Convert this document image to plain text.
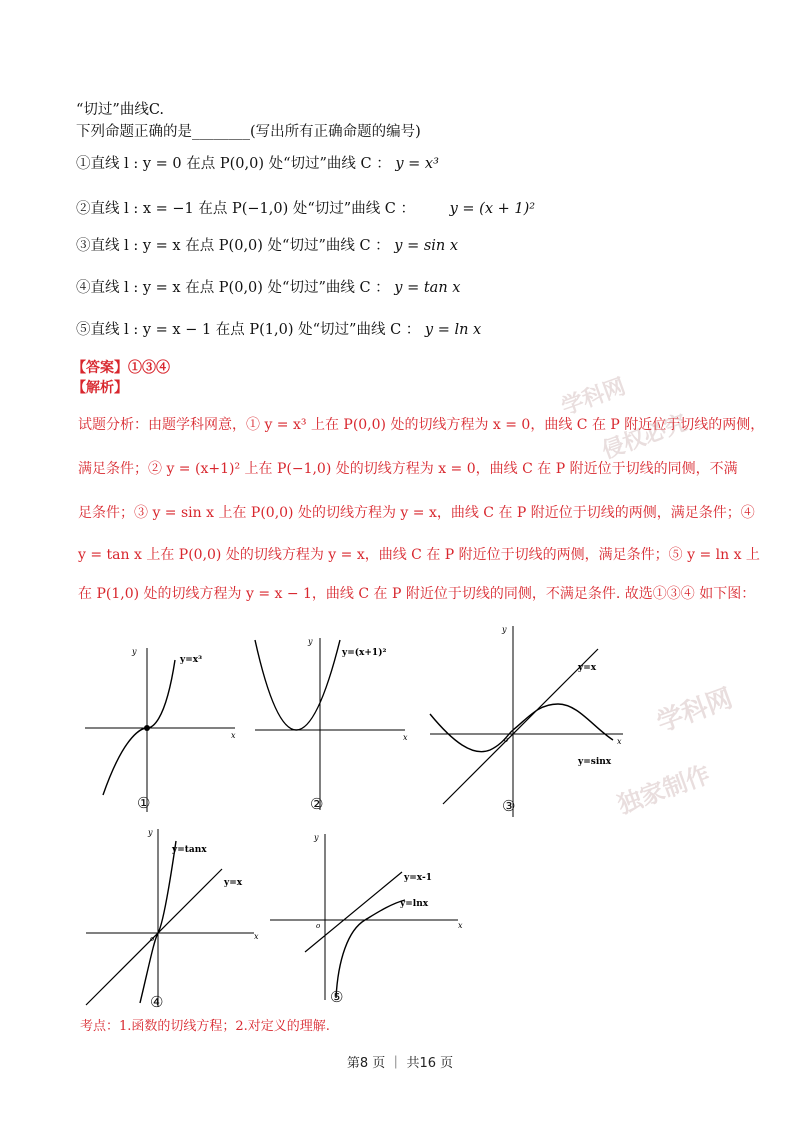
学科网
侵权必究
独家制作
学科网
“切过”曲线C.
下列命题正确的是________(写出所有正确命题的编号)
①直线 l : y = 0 在点 P(0,0) 处“切过”曲线 C ： y = x³
②直线 l : x = −1 在点 P(−1,0) 处“切过”曲线 C ： y = (x + 1)²
③直线 l : y = x 在点 P(0,0) 处“切过”曲线 C ： y = sin x
④直线 l : y = x 在点 P(0,0) 处“切过”曲线 C ： y = tan x
⑤直线 l : y = x − 1 在点 P(1,0) 处“切过”曲线 C ： y = ln x
【答案】①③④
【解析】
试题分析：由题学科网意，① y = x³ 上在 P(0,0) 处的切线方程为 x = 0，曲线 C 在 P 附近位于切线的两侧，
满足条件；② y = (x+1)² 上在 P(−1,0) 处的切线方程为 x = 0，曲线 C 在 P 附近位于切线的同侧，不满
足条件；③ y = sin x 上在 P(0,0) 处的切线方程为 y = x，曲线 C 在 P 附近位于切线的两侧，满足条件；④
y = tan x 上在 P(0,0) 处的切线方程为 y = x，曲线 C 在 P 附近位于切线的两侧，满足条件；⑤ y = ln x 上
在 P(1,0) 处的切线方程为 y = x − 1，曲线 C 在 P 附近位于切线的同侧，不满足条件. 故选①③④ 如下图：
x
y
y=x³
①
x
y
y=(x+1)²
②
x
y
o
y=x
y=sinx
③
x
y
o
y=tanx
y=x
④
x
y
o
y=x-1
y=lnx
⑤
考点：1.函数的切线方程；2.对定义的理解.
第8 页 ｜ 共16 页
